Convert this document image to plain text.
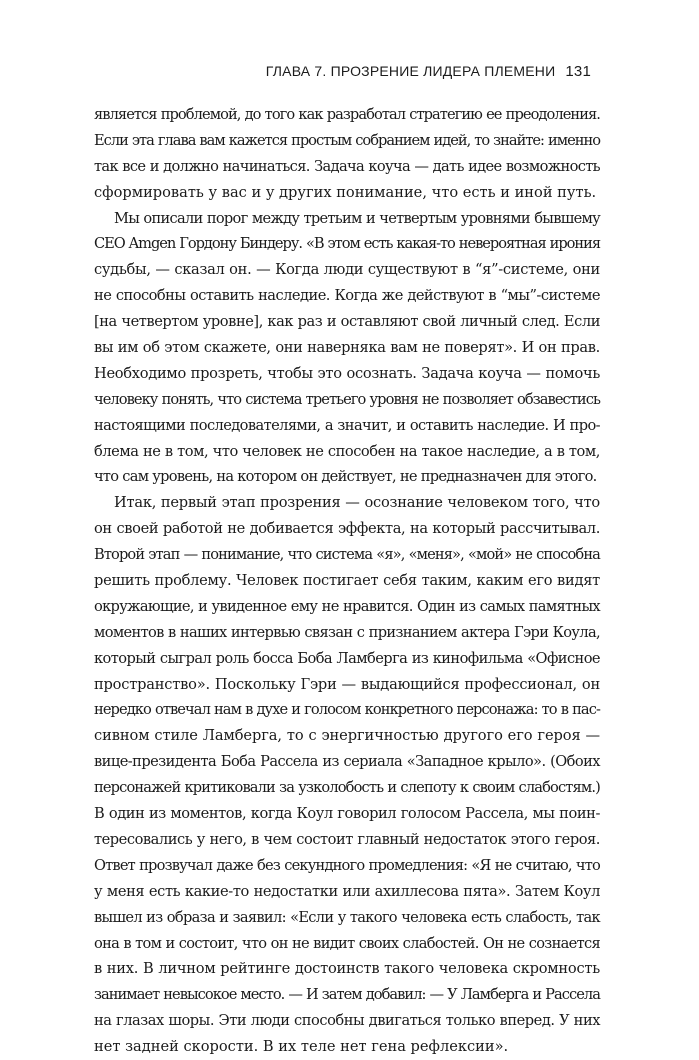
ГЛАВА 7. ПРОЗРЕНИЕ ЛИДЕРА ПЛЕМЕНИ 131
является проблемой, до того как разработал стратегию ее преодоления.
Если эта глава вам кажется простым собранием идей, то знайте: именно
так все и должно начинаться. Задача коуча — дать идее возможность
сформировать у вас и у других понимание, что есть и иной путь.
Мы описали порог между третьим и четвертым уровнями бывшему
CEO Amgen Гордону Биндеру. «В этом есть какая-то невероятная ирония
судьбы, — сказал он. — Когда люди существуют в “я”-системе, они
не способны оставить наследие. Когда же действуют в “мы”-системе
[на четвертом уровне], как раз и оставляют свой личный след. Если
вы им об этом скажете, они наверняка вам не поверят». И он прав.
Необходимо прозреть, чтобы это осознать. Задача коуча — помочь
человеку понять, что система третьего уровня не позволяет обзавестись
настоящими последователями, а значит, и оставить наследие. И про-
блема не в том, что человек не способен на такое наследие, а в том,
что сам уровень, на котором он действует, не предназначен для этого.
Итак, первый этап прозрения — осознание человеком того, что
он своей работой не добивается эффекта, на который рассчитывал.
Второй этап — понимание, что система «я», «меня», «мой» не способна
решить проблему. Человек постигает себя таким, каким его видят
окружающие, и увиденное ему не нравится. Один из самых памятных
моментов в наших интервью связан с признанием актера Гэри Коула,
который сыграл роль босса Боба Ламберга из кинофильма «Офисное
пространство». Поскольку Гэри — выдающийся профессионал, он
нередко отвечал нам в духе и голосом конкретного персонажа: то в пас-
сивном стиле Ламберга, то с энергичностью другого его героя —
вице-президента Боба Рассела из сериала «Западное крыло». (Обоих
персонажей критиковали за узколобость и слепоту к своим слабостям.)
В один из моментов, когда Коул говорил голосом Рассела, мы поин-
тересовались у него, в чем состоит главный недостаток этого героя.
Ответ прозвучал даже без секундного промедления: «Я не считаю, что
у меня есть какие-то недостатки или ахиллесова пята». Затем Коул
вышел из образа и заявил: «Если у такого человека есть слабость, так
она в том и состоит, что он не видит своих слабостей. Он не сознается
в них. В личном рейтинге достоинств такого человека скромность
занимает невысокое место. — И затем добавил: — У Ламберга и Рассела
на глазах шоры. Эти люди способны двигаться только вперед. У них
нет задней скорости. В их теле нет гена рефлексии».
